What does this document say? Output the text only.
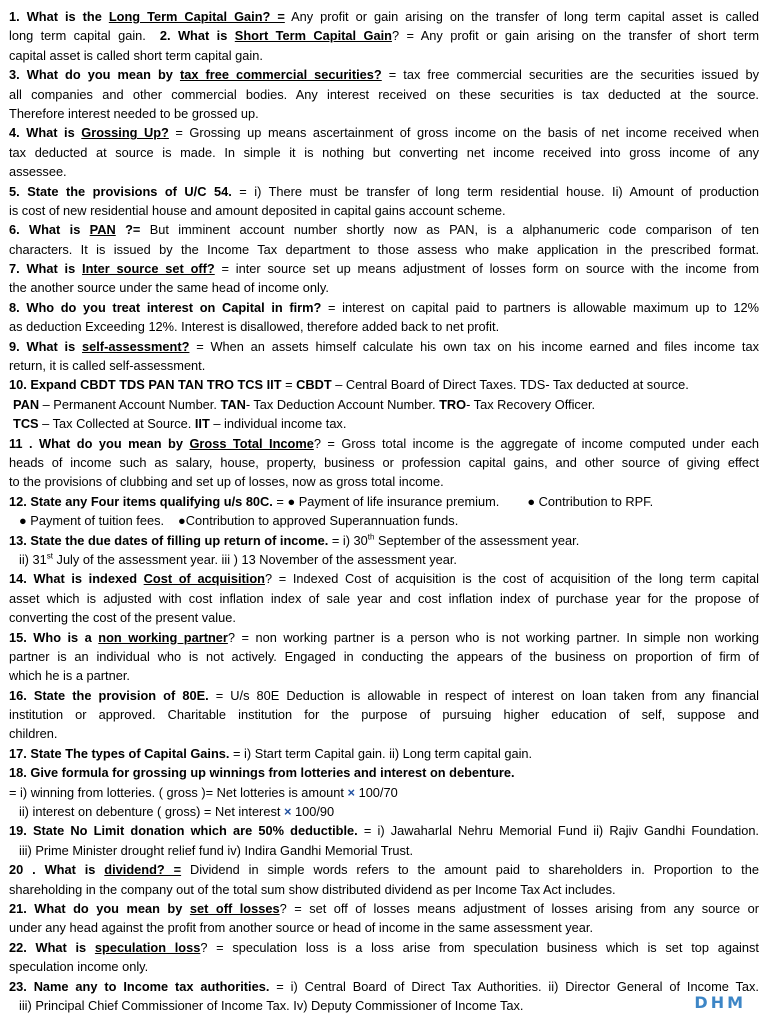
1. What is the Long Term Capital Gain? = Any profit or gain arising on the transfer of long term capital asset is called
long term capital gain. 2. What is Short Term Capital Gain? = Any profit or gain arising on the transfer of short term
capital asset is called short term capital gain.
3. What do you mean by tax free commercial securities? = tax free commercial securities are the securities issued by
all companies and other commercial bodies. Any interest received on these securities is tax deducted at the source.
Therefore interest needed to be grossed up.
4. What is Grossing Up? = Grossing up means ascertainment of gross income on the basis of net income received when
tax deducted at source is made. In simple it is nothing but converting net income received into gross income of any
assessee.
5. State the provisions of U/C 54. = i) There must be transfer of long term residential house. Ii) Amount of production
is cost of new residential house and amount deposited in capital gains account scheme.
6. What is PAN ?= But imminent account number shortly now as PAN, is a alphanumeric code comparison of ten
characters. It is issued by the Income Tax department to those assess who make application in the prescribed format.
7. What is Inter source set off? = inter source set up means adjustment of losses form on source with the income from
the another source under the same head of income only.
8. Who do you treat interest on Capital in firm? = interest on capital paid to partners is allowable maximum up to 12%
as deduction Exceeding 12%. Interest is disallowed, therefore added back to net profit.
9. What is self-assessment? = When an assets himself calculate his own tax on his income earned and files income tax
return, it is called self-assessment.
10. Expand CBDT TDS PAN TAN TRO TCS IIT = CBDT – Central Board of Direct Taxes. TDS- Tax deducted at source.
PAN – Permanent Account Number. TAN- Tax Deduction Account Number. TRO- Tax Recovery Officer.
TCS – Tax Collected at Source. IIT – individual income tax.
11 . What do you mean by Gross Total Income? = Gross total income is the aggregate of income computed under each
heads of income such as salary, house, property, business or profession capital gains, and other source of giving effect
to the provisions of clubbing and set up of losses, now as gross total income.
12. State any Four items qualifying u/s 80C. = ● Payment of life insurance premium. ● Contribution to RPF.
● Payment of tuition fees. ●Contribution to approved Superannuation funds.
13. State the due dates of filling up return of income. = i) 30th September of the assessment year.
ii) 31st July of the assessment year. iii ) 13 November of the assessment year.
14. What is indexed Cost of acquisition? = Indexed Cost of acquisition is the cost of acquisition of the long term capital
asset which is adjusted with cost inflation index of sale year and cost inflation index of purchase year for the propose of
converting the cost of the present value.
15. Who is a non working partner? = non working partner is a person who is not working partner. In simple non working
partner is an individual who is not actively. Engaged in conducting the appears of the business on proportion of firm of
which he is a partner.
16. State the provision of 80E. = U/s 80E Deduction is allowable in respect of interest on loan taken from any financial
institution or approved. Charitable institution for the purpose of pursuing higher education of self, suppose and
children.
17. State The types of Capital Gains. = i) Start term Capital gain. ii) Long term capital gain.
18. Give formula for grossing up winnings from lotteries and interest on debenture.
= i) winning from lotteries. ( gross )= Net lotteries is amount × 100/70
ii) interest on debenture ( gross) = Net interest × 100/90
19. State No Limit donation which are 50% deductible. = i) Jawaharlal Nehru Memorial Fund ii) Rajiv Gandhi Foundation.
iii) Prime Minister drought relief fund iv) Indira Gandhi Memorial Trust.
20 . What is dividend? = Dividend in simple words refers to the amount paid to shareholders in. Proportion to the
shareholding in the company out of the total sum show distributed dividend as per Income Tax Act includes.
21. What do you mean by set off losses? = set off of losses means adjustment of losses arising from any source or
under any head against the profit from another source or head of income in the same assessment year.
22. What is speculation loss? = speculation loss is a loss arise from speculation business which is set top against
speculation income only.
23. Name any to Income tax authorities. = i) Central Board of Direct Tax Authorities. ii) Director General of Income Tax.
iii) Principal Chief Commissioner of Income Tax. Iv) Deputy Commissioner of Income Tax.	DHM
